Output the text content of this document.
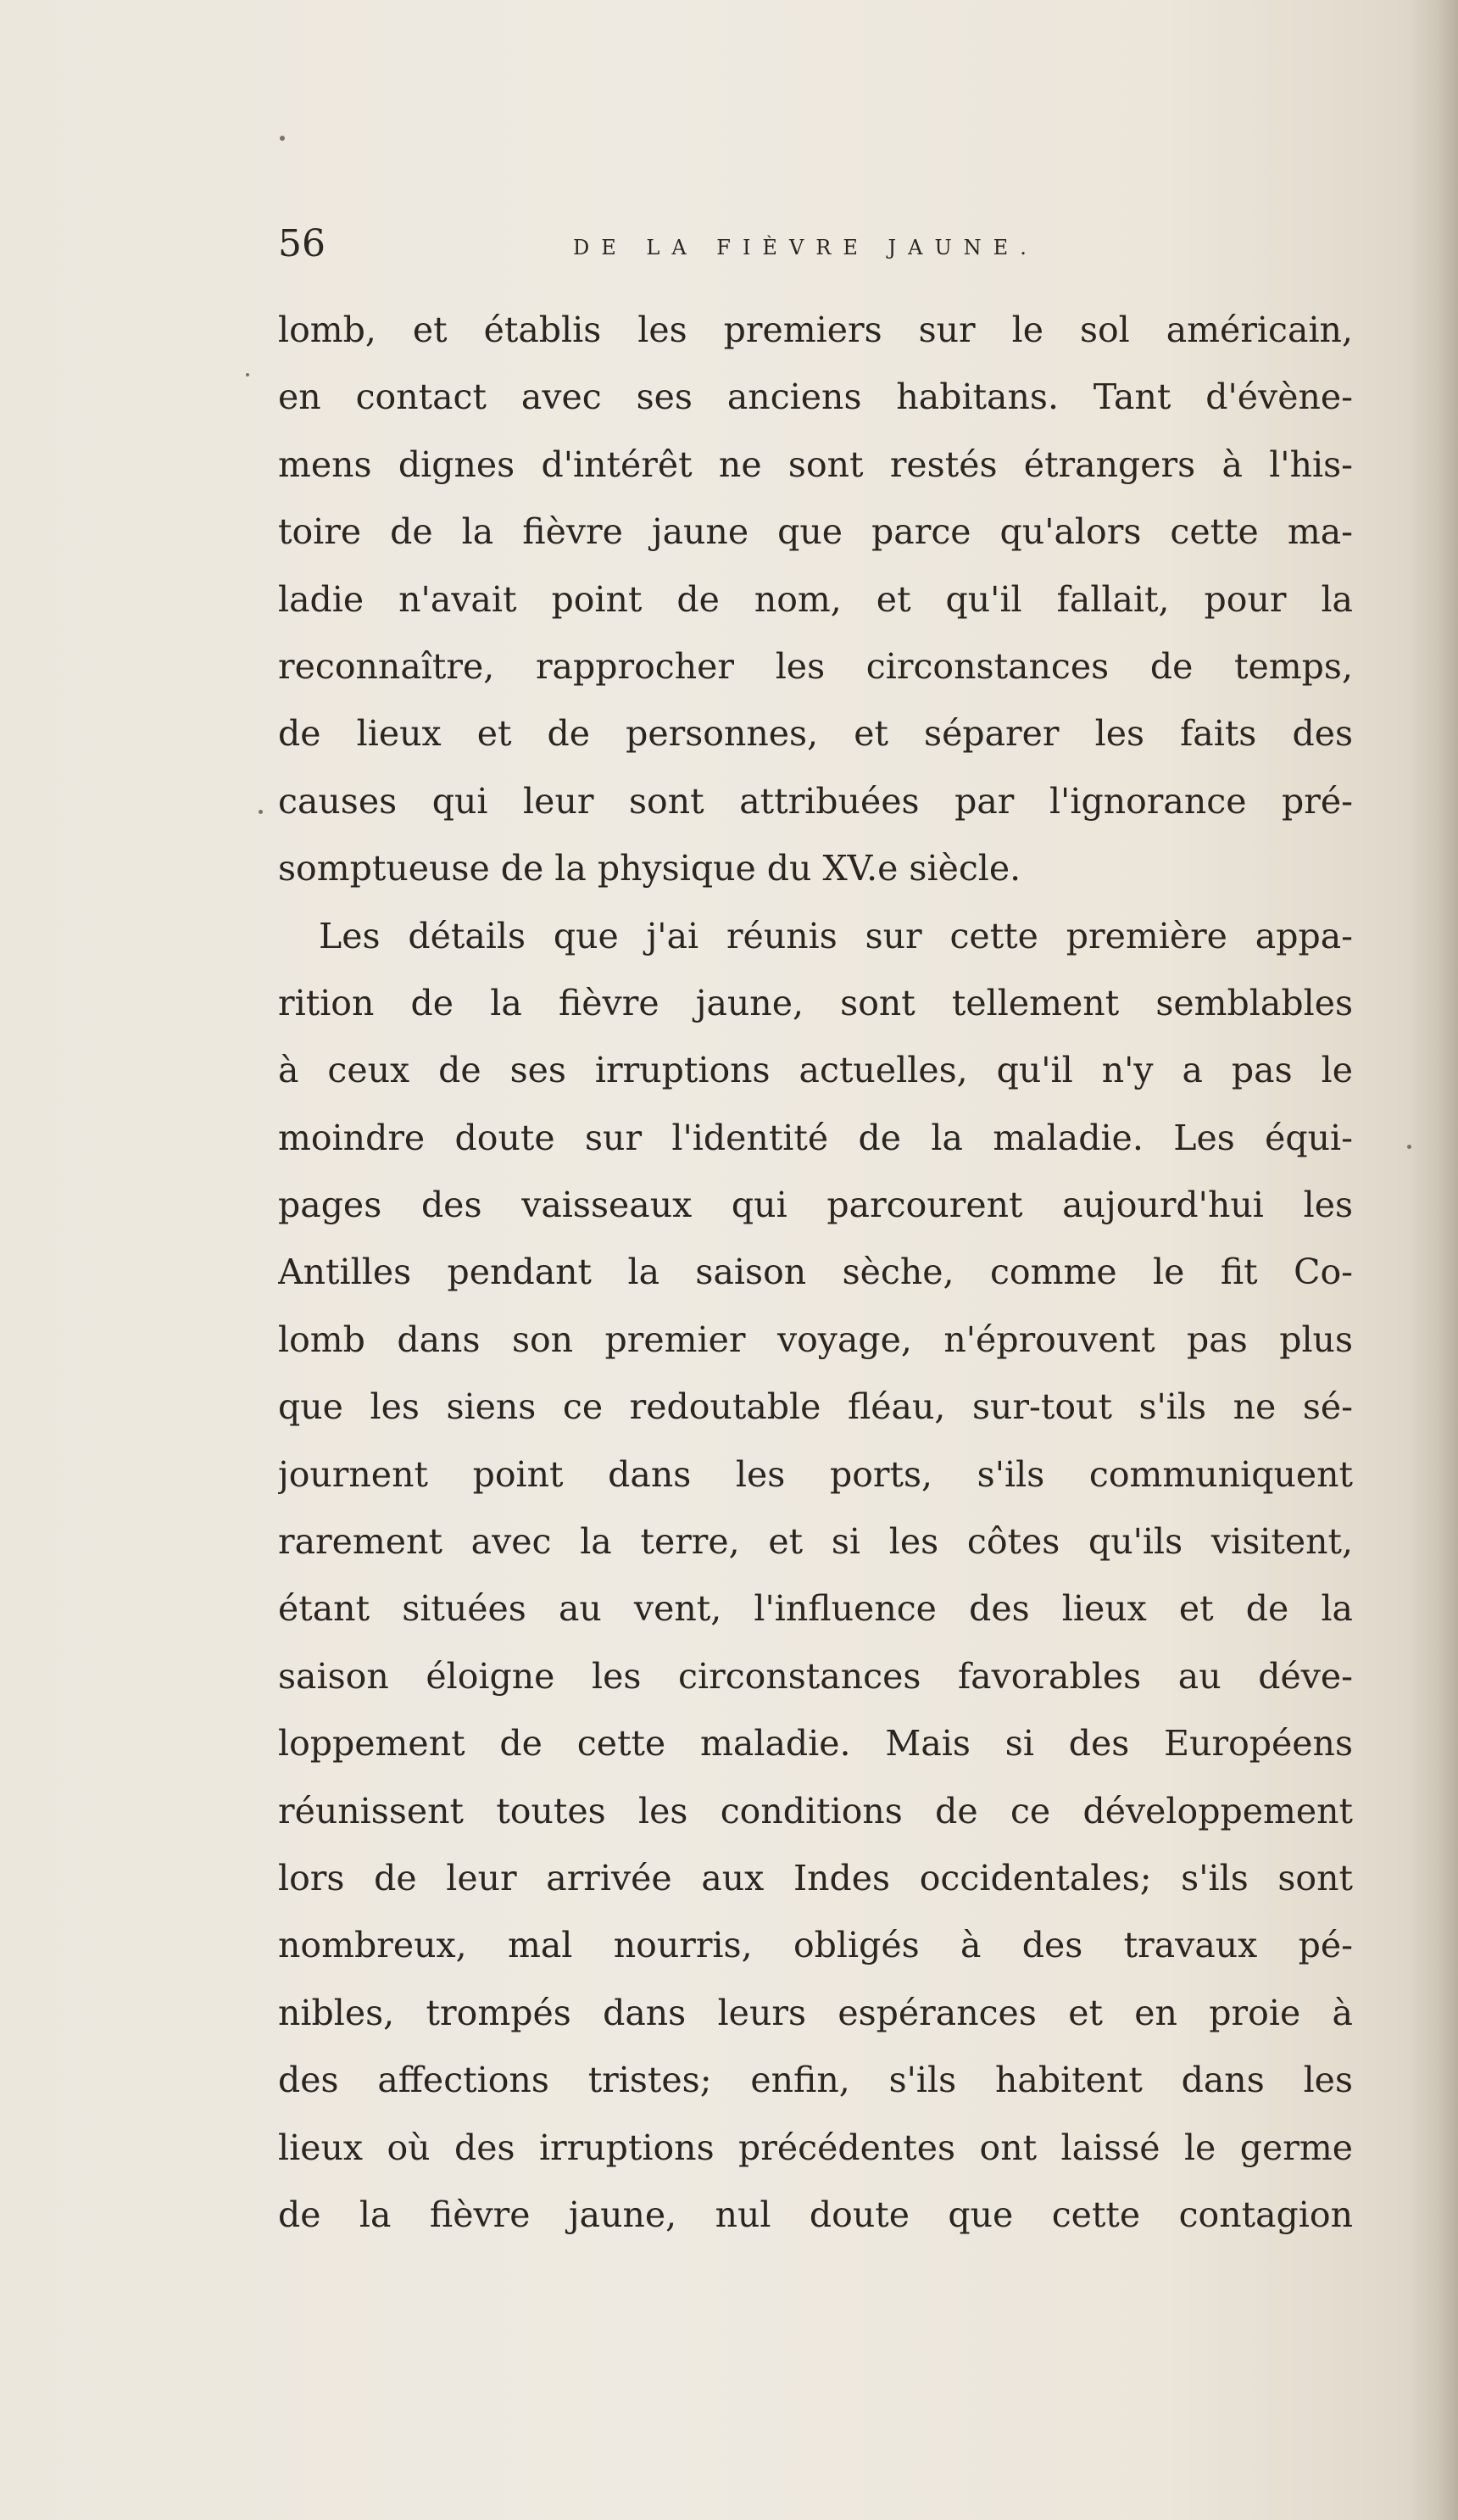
56	DE LA FIÈVRE JAUNE.
lomb, et établis les premiers sur le sol américain,
en contact avec ses anciens habitans. Tant d'évène-
mens dignes d'intérêt ne sont restés étrangers à l'his-
toire de la fièvre jaune que parce qu'alors cette ma-
ladie n'avait point de nom, et qu'il fallait, pour la
reconnaître, rapprocher les circonstances de temps,
de lieux et de personnes, et séparer les faits des
causes qui leur sont attribuées par l'ignorance pré-
somptueuse de la physique du XV.e siècle.
Les détails que j'ai réunis sur cette première appa-
rition de la fièvre jaune, sont tellement semblables
à ceux de ses irruptions actuelles, qu'il n'y a pas le
moindre doute sur l'identité de la maladie. Les équi-
pages des vaisseaux qui parcourent aujourd'hui les
Antilles pendant la saison sèche, comme le fit Co-
lomb dans son premier voyage, n'éprouvent pas plus
que les siens ce redoutable fléau, sur-tout s'ils ne sé-
journent point dans les ports, s'ils communiquent
rarement avec la terre, et si les côtes qu'ils visitent,
étant situées au vent, l'influence des lieux et de la
saison éloigne les circonstances favorables au déve-
loppement de cette maladie. Mais si des Européens
réunissent toutes les conditions de ce développement
lors de leur arrivée aux Indes occidentales; s'ils sont
nombreux, mal nourris, obligés à des travaux pé-
nibles, trompés dans leurs espérances et en proie à
des affections tristes; enfin, s'ils habitent dans les
lieux où des irruptions précédentes ont laissé le germe
de la fièvre jaune, nul doute que cette contagion
